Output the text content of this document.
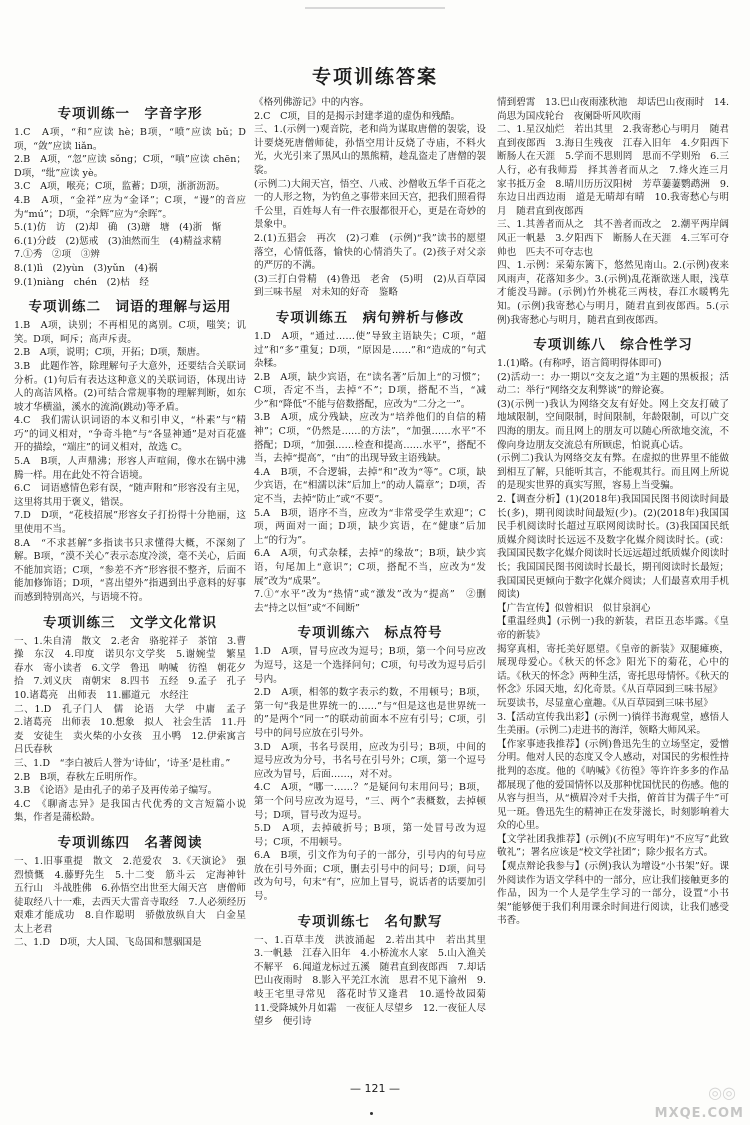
专项训练答案
专项训练一　字音字形

1.C　A项，“和”应读 hè；B项，“喷”应读 bǔ；D项，“敛”应读 liǎn。

2.B　A项，“忽”应读 sǒng；C项，“嗔”应读 chēn；D项，“纰”应读 yè。

3.C　A项，喉亮；C项，监蓄；D项，浙浙沥沥。

4.B　A项，“金祥”应为“金译”；C项，“谩”的音应为“mú”；D项，“余辉”应为“余晖”。

5.(1)仿　访　(2)却　确　(3)瑭　塘　(4)浙　惭

6.(1)分歧　(2)惩戒　(3)油然而生　(4)精益求精

7.①秀　②项　③辨

8.(1)lì　(2)yùn　(3)yǔn　(4)祸

9.(1)niàng　chén　(2)枯　经

专项训练二　词语的理解与运用

1.B　A项，诀别；不再相见的离别。C项，嗤笑；讥笑。D项，呵斥；高声斥责。

2.B　A项，说明；C项，开拓；D项，颓唐。

3.B　此题作答，除理解句子大意外，还要结合关联词分析。(1)句后有表达这种意义的关联词语，体现出诗人的高洁风格。(2)可结合常规事物的理解判断，如东坡才华横溢，溪水的流淌(跳动)等矛盾。

4.C　我们需认识词语的本义和引申义，“朴素”与“精巧”的词义相对，“争奇斗艳”与“各显神通”是对百花盛开的描绘，“端庄”的词义相对，故选 C。

5.A　B项，人声鼎沸；形容人声喧闹，像水在锅中沸腾一样。用在此处不符合语境。

6.C　词语感情色彩有误，“随声附和”形容没有主见，这里将其用于褒义，错误。

7.D　D项，“花枝招展”形容女子打扮得十分艳丽，这里使用不当。

8.A　“不求甚解”多指读书只求懂得大概，不深刻了解。B项，“漠不关心”表示态度冷淡，毫不关心，后面不能加宾语；C项，“参差不齐”形容很不整齐，后面不能加修饰语；D项，“喜出望外”指遇到出乎意料的好事而感到特别高兴，与语境不符。

专项训练三　文学文化常识

一、1.朱自清　散文　2.老舍　骆驼祥子　茶馆　3.曹操　东汉　4.印度　诺贝尔文学奖　5.谢婉莹　繁星　春水　寄小读者　6.文学　鲁迅　呐喊　彷徨　朝花夕拾　7.刘义庆　南朝宋　8.四书　五经　9.孟子　孔子　10.诸葛亮　出师表　11.郦道元　水经注

二、1.D　孔子门人　儒　论语　大学　中庸　孟子　2.诸葛亮　出师表　10.想象　拟人　社会生活　11.丹麦　安徒生　卖火柴的小女孩　丑小鸭　12.伊索寓言　吕氏春秋

三、1.D　“李白被后人誉为‘诗仙’，‘诗圣’是杜甫。”

2.B　B项，春秋左丘明所作。

3.B　《论语》是由孔子的弟子及再传弟子编写。

4.C　《聊斋志异》是我国古代优秀的文言短篇小说集，作者是蒲松龄。

专项训练四　名著阅读

一、1.旧事重提　散文　2.范爱农　3.《天演论》　强烈愤慨　4.藤野先生　5.十二变　筋斗云　定海神针　五行山　斗战胜佛　6.孙悟空出世至大闹天宫　唐僧师徒取经八十一难，去西天大雷音寺取经　7.人必须经历艰难才能成功　8.自作聪明　骄傲放纵自大　白金星　太上老君

二、1.D　D项，大人国、飞岛国和慧骃国是

《格列佛游记》中的内容。

2.C　C项，目的是揭示封建孝道的虚伪和残酷。

三、1.(示例一)观音院，老和尚为谋取唐僧的袈裟，设计要烧死唐僧师徒，孙悟空用计反烧了寺庙，不料火光，火光引来了黑风山的黑熊精，趁乱盗走了唐僧的袈裟。

(示例二)大闹天宫，悟空、八戒、沙僧收五华千百花之一的人形之物，为钓鱼之事带来回天宫，把我们照看得千公里，百姓每人有一件衣服都很开心，更是在奇妙的景象中。

2.(1)五猖会　再次　(2)刁难　(示例)“我”读书的愿望落空，心情低落，愉快的心情消失了。(2)孩子对父亲的严厉的不满。

(3)三打白骨精　(4)鲁迅　老舍　(5)明　(2)从百草园到三味书屋　对未知的好奇　鉴略

专项训练五　病句辨析与修改

1.D　A项，“通过……使”导致主语缺失；C项，“超过”和“多”重复；D项，“原因是……”和“造成的”句式杂糅。

2.B　A项，缺少宾语，在“读名著”后加上“的习惯”；C项，否定不当，去掉“不”；D项，搭配不当，“减少”和“降低”不能与倍数搭配，应改为“二分之一”。

3.B　A项，成分残缺，应改为“培养他们的自信的精神”；C项，“仍然是……的方法”，“加强……水平”不搭配；D项，“加强……检查和提高……水平”，搭配不当，去掉“提高”，“由”的出现导致主语残缺。

4.A　B项，不合逻辑，去掉“和”改为“等”。C项，缺少宾语，在“相濡以沫”后加上“的动人篇章”；D项，否定不当，去掉“防止”或“不要”。

5.A　B项，语序不当，应改为“非常受学生欢迎”；C项，两面对一面；D项，缺少宾语，在“健康”后加上“的行为”。

6.A　A项，句式杂糅，去掉“的缘故”；B项，缺少宾语，句尾加上“意识”；C项，搭配不当，应改为“发展”改为“成果”。

7.①“水平”改为“热情”或“激发”改为“提高”　②删去“持之以恒”或“不间断”

专项训练六　标点符号

1.D　A项，冒号应改为逗号；B项，第一个问号应改为逗号，这是一个选择问句；C项，句号改为逗号后引号内。

2.D　A项，相邻的数字表示约数，不用顿号；B项，第一句“我是世界统一的……”与“但是这也是世界统一的”是两个“同一”的联动前面本不应有引号；C项，引号中的问号应放在引号外。

3.D　A项，书名号误用，应改为引号；B项，中间的逗号应改为分号，书名号在引号外；C项，第一个逗号应改为冒号，后面……，对不对。

4.C　A项，“哪一……？”是疑问句末用问号；B项，第一个问号应改为逗号，“三、两个”表概数，去掉顿号；D项，冒号改为逗号。

5.D　A项，去掉破折号；B项，第一处冒号改为逗号；C项，不用顿号。

6.A　B项，引文作为句子的一部分，引号内的句号应放在引号外面；C项，删去引号中的问号；D项，问号改为句号，句末“有”，应加上冒号，说话者的话要加引号。

专项训练七　名句默写

一、1.百草丰茂　洪波涌起　2.若出其中　若出其里　3.一帆悬　江春入旧年　4.小桥流水人家　5.山入渔关不解平　6.闻道龙标过五溪　随君直到夜郎西　7.却话巴山夜雨时　8.影入平羌江水流　思君不见下渝州　9.岐王宅里寻常见　落花时节又逢君　10.遥怜故园菊　11.受降城外月如霜　一夜征人尽望乡　12.一夜征人尽望乡　便引诗

情到碧霄　13.巴山夜雨涨秋池　却话巴山夜雨时　14.尚思为国戍轮台　夜阑卧听风吹雨

二、1.星汉灿烂　若出其里　2.我寄愁心与明月　随君直到夜郎西　3.海日生残夜　江春入旧年　4.夕阳西下　断肠人在天涯　5.学而不思则罔　思而不学则殆　6.三人行，必有我师焉　择其善者而从之　7.烽火连三月　家书抵万金　8.晴川历历汉阳树　芳草萋萋鹦鹉洲　9.东边日出西边雨　道是无晴却有晴　10.我寄愁心与明月　随君直到夜郎西

三、1.其善者而从之　其不善者而改之　2.潮平两岸阔　风正一帆悬　3.夕阳西下　断肠人在天涯　4.三军可夺帅也　匹夫不可夺志也

四、1.示例：采菊东篱下，悠然见南山。2.(示例)夜来风雨声，花落知多少。3.(示例)乱花渐欲迷人眼，浅草才能没马蹄。(示例)竹外桃花三两枝，春江水暖鸭先知。(示例)我寄愁心与明月，随君直到夜郎西。5.(示例)我寄愁心与明月，随君直到夜郎西。

专项训练八　综合性学习

1.(1)略。(有称呼，语言简明得体即可)

(2)活动一：办一期以“交友之道”为主题的黑板报；活动二：举行“网络交友利弊谈”的辩论赛。

(3)(示例一)我认为网络交友有好处。网上交友打破了地域限制，空间限制，时间限制，年龄限制，可以广交四海的朋友。而且网上的朋友可以随心所欲地交流，不像向身边朋友交流总有所顾虑，怕说真心话。

(示例二)我认为网络交友有弊。在虚拟的世界里不能做到相互了解，只能听其言，不能观其行。而且网上所说的是现实世界的真实写照，容易上当受骗。

2.【调查分析】(1)(2018年)我国国民图书阅读时间最长(多)，期刊阅读时间最短(少)。(2)(2018年)我国国民手机阅读时长超过互联网阅读时长。(3)我国国民纸质媒介阅读时长远远不及数字化媒介阅读时长。(或：我国国民数字化媒介阅读时长远远超过纸质媒介阅读时长；我国国民图书阅读时长最长，期刊阅读时长最短；我国国民更倾向于数字化媒介阅读；人们最喜欢用手机阅读)

【广告宣传】似曾相识　似甘泉润心

【重温经典】(示例一)我的新装，君臣丑态毕露。《皇帝的新装》

揭穿真相，寄托美好愿望。《皇帝的新装》双腿瘫痪，展现母爱心。《秋天的怀念》阳光下的菊花，心中的话。《秋天的怀念》两种生活，寄托思母情怀。《秋天的怀念》乐园天地，幻化奇景。《从百草园到三味书屋》

玩耍读书，尽显童心童趣。《从百草园到三味书屋》

3.【活动宣传我出彩】(示例一)徜徉书海观堂，感悟人生美丽。(示例二)走进书的海洋，领略大师风采。

【作家事迹我推荐】(示例)鲁迅先生的立场坚定，爱憎分明。他对人民的态度又令人感动，对国民的劣根性持批判的态度。他的《呐喊》《彷徨》等许许多多的作品都展现了他的爱国情怀以及那种忧国忧民的伤感。他的从容与担当，从“横眉冷对千夫指，俯首甘为孺子牛”可见一斑。鲁迅先生的精神正在发芽滋长，时刻影响着大众的心里。

【文学社团我推荐】(示例)(不应写明年)“不应写”此致敬礼”；署名应该是“校文学社团”；除少报名方式。

【观点辩论我参与】(示例)我认为增设“小书架”好。课外阅读作为语文学科中的一部分，应让我们接触更多的作品，因为一个人是学生学习的一部分，设置“小书架”能够便于我们利用课余时间进行阅读，让我们感受书香。

— 121 —	◎◎
MXQE.COM
